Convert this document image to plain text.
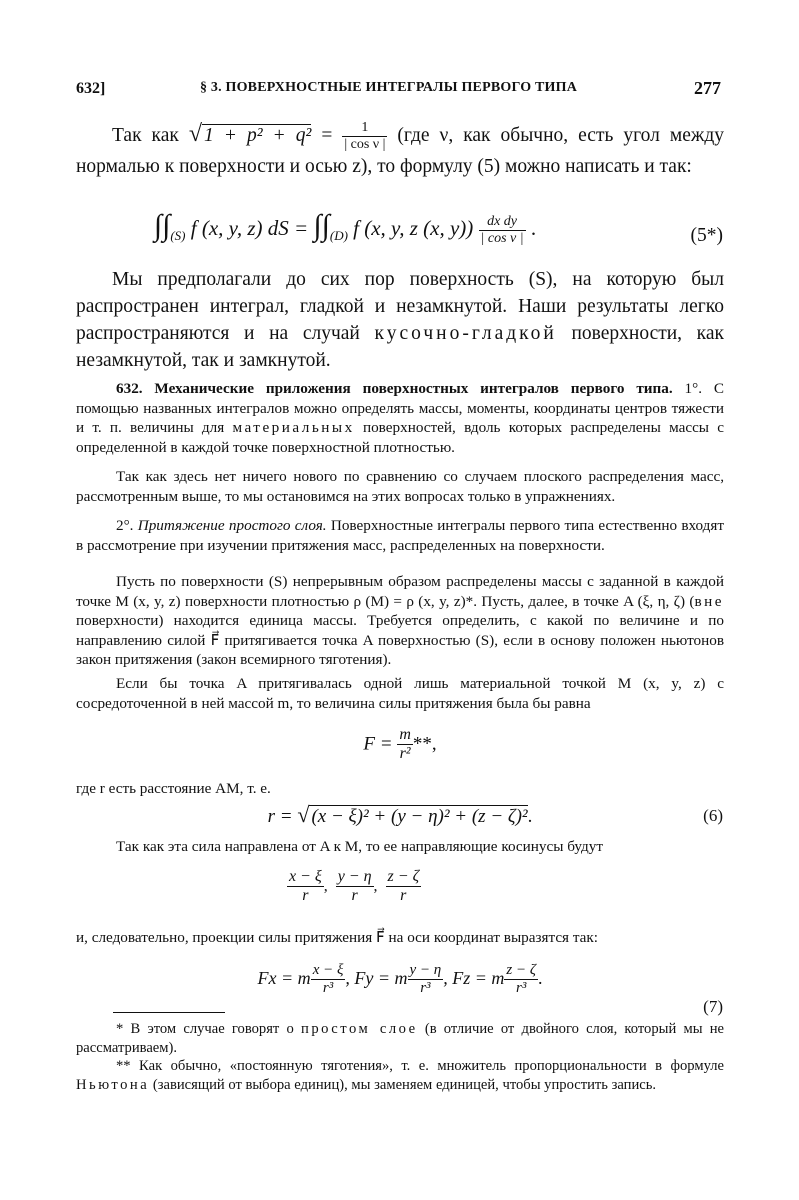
632]	§ 3. ПОВЕРХНОСТНЫЕ ИНТЕГРАЛЫ ПЕРВОГО ТИПА	277

Так как √ $1 + p^2 + q^2 = \frac{1}{\text{| cos ν |}} (где$ ν, как обычно, есть угол между нормалью к поверхности и осью z), то формулу (5) можно написать и так:

$\int\int_{(S)}$ f (x, y, z) dS = $\int\int_{(D)}$ f (x, y, z (x, $y)) \frac{\text{dx dy}}{\text{| cos ν |}}$ .	(5*)

Мы предполагали до сих пор поверхность (S), на которую был распространен интеграл, гладкой и незамкнутой. Наши результаты легко распространяются и на случай кусочно-гладкой поверхности, как незамкнутой, так и замкнутой.

632. Механические приложения поверхностных интегралов первого типа. 1°. С помощью названных интегралов можно определять массы, моменты, координаты центров тяжести и т. п. величины для материальных поверхностей, вдоль которых распределены массы с определенной в каждой точке поверхностной плотностью.

Так как здесь нет ничего нового по сравнению со случаем плоского распределения масс, рассмотренным выше, то мы остановимся на этих вопросах только в упражнениях.

2°. Притяжение простого слоя. Поверхностные интегралы первого типа естественно входят в рассмотрение при изучении притяжения масс, распределенных на поверхности.

Пусть по поверхности (S) непрерывным образом распределены массы с заданной в каждой точке M (x, y, z) поверхности плотностью ρ (M) = ρ (x, y, z)*. Пусть, далее, в точке A (ξ, η, ζ) (вне поверхности) находится единица массы. Требуется определить, с какой по величине и по направлению силой F⃗ притягивается точка A поверхностью (S), если в основу положен ньютонов закон притяжения (закон всемирного тяготения).

Если бы точка A притягивалась одной лишь материальной точкой M (x, y, z) с сосредоточенной в ней массой m, то величина силы притяжения была бы равна

$F = \frac{m}{\text{r²}}$ **,

где r есть расстояние AM, т. е.

r = √ (x − ξ)² + (y − η)² + (z − ζ)².	(6)

Так как эта сила направлена от A к M, то ее направляющие косинусы будут

$\frac{x - \xi}{r}$ , $\frac{y - \eta}{r}$ , $\frac{z - \zeta}{r}$

и, следовательно, проекции силы притяжения F⃗ на оси координат выразятся так:

Fx = m $\frac{x - \xi}{\text{r³}}$ , Fy = m $\frac{y - \eta}{\text{r³}}$ , Fz = m $\frac{z - \zeta}{\text{r³}}$ .
(7)

* В этом случае говорят о простом слое (в отличие от двойного слоя, который мы не рассматриваем).

** Как обычно, «постоянную тяготения», т. е. множитель пропорциональности в формуле Ньютона (зависящий от выбора единиц), мы заменяем единицей, чтобы упростить запись.
